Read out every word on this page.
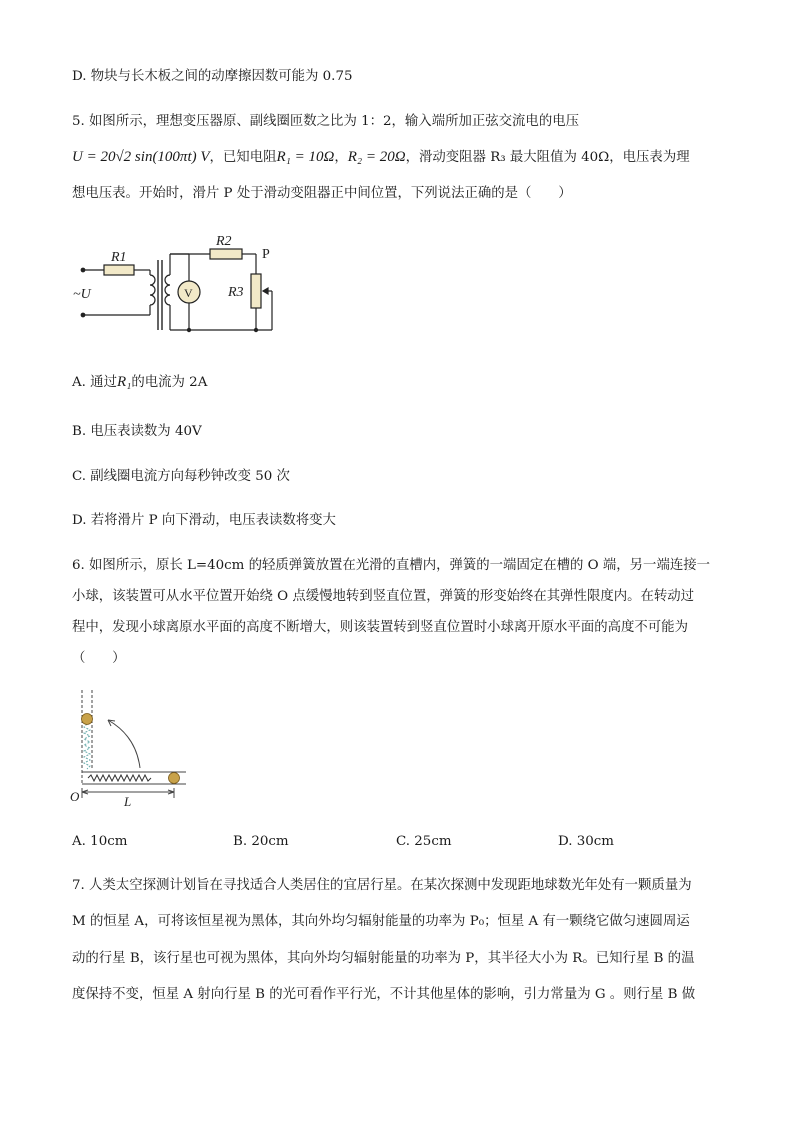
D. 物块与长木板之间的动摩擦因数可能为 0.75
5. 如图所示，理想变压器原、副线圈匝数之比为 1：2，输入端所加正弦交流电的电压
U = 20√2 sin(100πt) V，已知电阻R₁ = 10Ω，R₂ = 20Ω，滑动变阻器 R₃ 最大阻值为 40Ω，电压表为理
想电压表。开始时，滑片 P 处于滑动变阻器正中间位置，下列说法正确的是（　　）
R1
R2
R3
P
~U	V
A. 通过R₁的电流为 2A
B. 电压表读数为 40V
C. 副线圈电流方向每秒钟改变 50 次
D. 若将滑片 P 向下滑动，电压表读数将变大
6. 如图所示，原长 L=40cm 的轻质弹簧放置在光滑的直槽内，弹簧的一端固定在槽的 O 端，另一端连接一
小球，该装置可从水平位置开始绕 O 点缓慢地转到竖直位置，弹簧的形变始终在其弹性限度内。在转动过
程中，发现小球离原水平面的高度不断增大，则该装置转到竖直位置时小球离开原水平面的高度不可能为
（　　）
O	L
A. 10cm	B. 20cm	C. 25cm	D. 30cm
7. 人类太空探测计划旨在寻找适合人类居住的宜居行星。在某次探测中发现距地球数光年处有一颗质量为
M 的恒星 A，可将该恒星视为黑体，其向外均匀辐射能量的功率为 P₀；恒星 A 有一颗绕它做匀速圆周运
动的行星 B，该行星也可视为黑体，其向外均匀辐射能量的功率为 P，其半径大小为 R。已知行星 B 的温
度保持不变，恒星 A 射向行星 B 的光可看作平行光，不计其他星体的影响，引力常量为 G 。则行星 B 做
